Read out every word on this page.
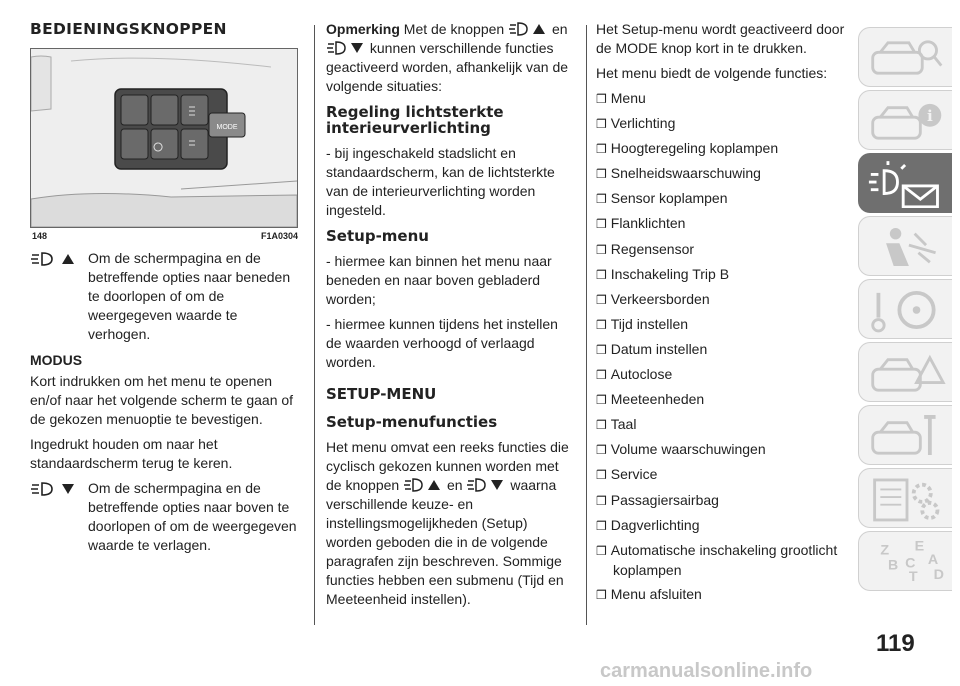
BEDIENINGSKNOPPEN
MODE
148	F1A0304
Om de schermpagina en de betreffende opties naar beneden te doorlopen of om de weergegeven waarde te verhogen.
MODUS

Kort indrukken om het menu te openen en/of naar het volgende scherm te gaan of de gekozen menuoptie te bevestigen.

Ingedrukt houden om naar het standaardscherm terug te keren.

Om de schermpagina en de betreffende opties naar boven te doorlopen of om de weergegeven waarde te verlagen.

Opmerking Met de knoppen	en  kunnen verschillende functies geactiveerd worden, afhankelijk van de volgende situaties:

Regeling lichtsterkte interieurverlichting

- bij ingeschakeld stadslicht en standaardscherm, kan de lichtsterkte van de interieurverlichting worden ingesteld.

Setup-menu

- hiermee kan binnen het menu naar beneden en naar boven gebladerd worden;

- hiermee kunnen tijdens het instellen de waarden verhoogd of verlaagd worden.

SETUP-MENU
Setup-menufuncties

Het menu omvat een reeks functies die cyclisch gekozen kunnen worden met de knoppen	en	waarna verschillende keuze- en instellingsmogelijkheden (Setup) worden geboden die in de volgende paragrafen zijn beschreven. Sommige functies hebben een submenu (Tijd en Meeteenheid instellen).

Het Setup-menu wordt geactiveerd door de MODE knop kort in te drukken.

Het menu biedt de volgende functies:

❒ Menu
❒ Verlichting
❒ Hoogteregeling koplampen
❒ Snelheidswaarschuwing
❒ Sensor koplampen
❒ Flanklichten
❒ Regensensor
❒ Inschakeling Trip B
❒ Verkeersborden
❒ Tijd instellen
❒ Datum instellen
❒ Autoclose
❒ Meeteenheden
❒ Taal
❒ Volume waarschuwingen
❒ Service
❒ Passagiersairbag
❒ Dagverlichting
❒ Automatische inschakeling grootlicht koplampen
❒ Menu afsluiten
i
Z E
A
B C
T D
119
carmanualsonline.info
